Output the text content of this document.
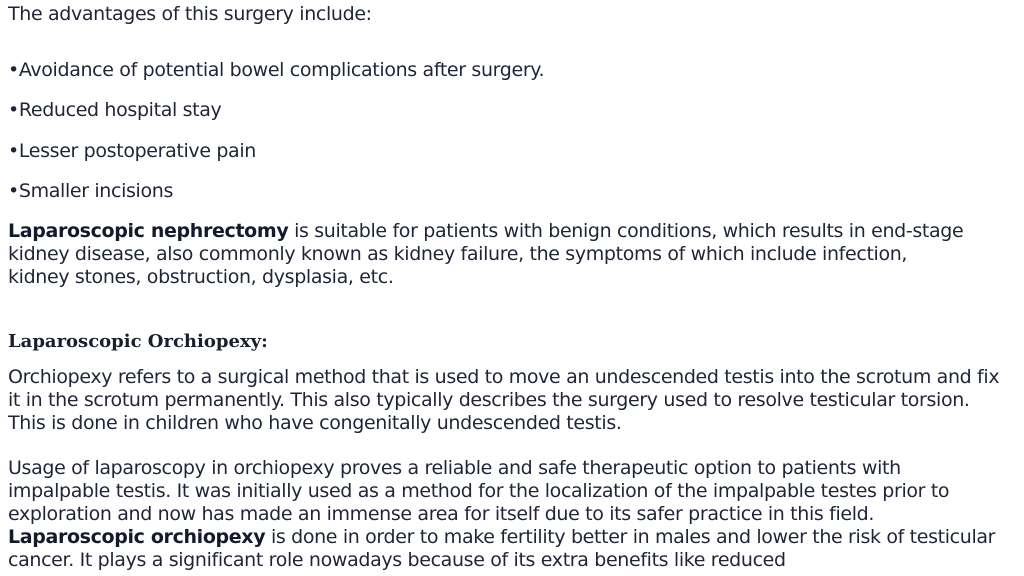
The advantages of this surgery include:

•Avoidance of potential bowel complications after surgery.

•Reduced hospital stay

•Lesser postoperative pain

•Smaller incisions

Laparoscopic nephrectomy is suitable for patients with benign conditions, which results in end-stage kidney disease, also commonly known as kidney failure, the symptoms of which include infection, kidney stones, obstruction, dysplasia, etc.

Laparoscopic Orchiopexy:

Orchiopexy refers to a surgical method that is used to move an undescended testis into the scrotum and fix it in the scrotum permanently. This also typically describes the surgery used to resolve testicular torsion. This is done in children who have congenitally undescended testis.

Usage of laparoscopy in orchiopexy proves a reliable and safe therapeutic option to patients with impalpable testis. It was initially used as a method for the localization of the impalpable testes prior to exploration and now has made an immense area for itself due to its safer practice in this field. Laparoscopic orchiopexy is done in order to make fertility better in males and lower the risk of testicular cancer. It plays a significant role nowadays because of its extra benefits like reduced
